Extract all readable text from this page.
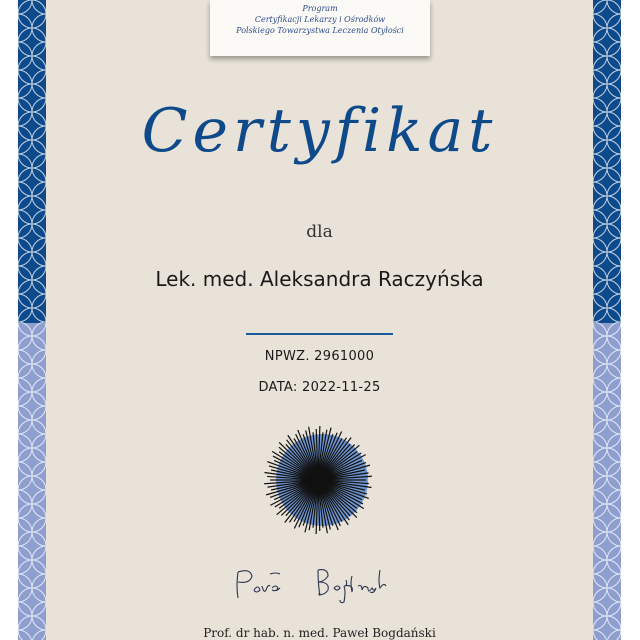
Program
Certyfikacji Lekarzy i Ośrodków
Polskiego Towarzystwa Leczenia Otyłości
Certyfikat
dla
Lek. med. Aleksandra Raczyńska
NPWZ. 2961000
DATA: 2022-11-25
Prof. dr hab. n. med. Paweł Bogdański
